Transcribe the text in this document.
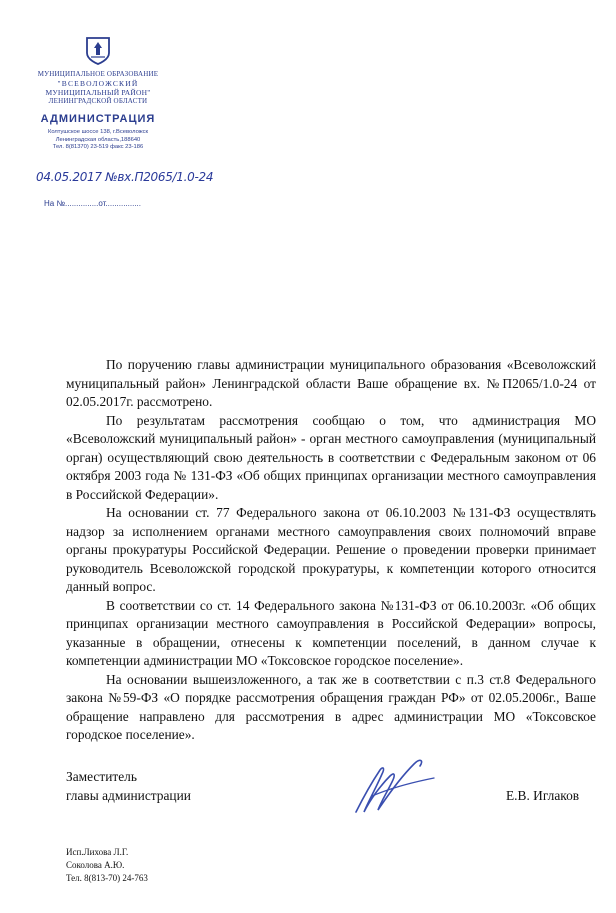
МУНИЦИПАЛЬНОЕ ОБРАЗОВАНИЕ
"ВСЕВОЛОЖСКИЙ
МУНИЦИПАЛЬНЫЙ РАЙОН"
ЛЕНИНГРАДСКОЙ ОБЛАСТИ
АДМИНИСТРАЦИЯ
Колтушское шоссе 138, г.Всеволожск
Ленинградская область,188640
Тел. 8(81370) 23-519 факс 23-186
04.05.2017 №вх.П2065/1.0-24
На №...............от................

По поручению главы администрации муниципального образования «Всеволожский муниципальный район» Ленинградской области Ваше обращение вх. №П2065/1.0-24 от 02.05.2017г. рассмотрено.

По результатам рассмотрения сообщаю о том, что администрация МО «Всеволожский муниципальный район» - орган местного самоуправления (муниципальный орган) осуществляющий свою деятельность в соответствии с Федеральным законом от 06 октября 2003 года № 131-ФЗ «Об общих принципах организации местного самоуправления в Российской Федерации».

На основании ст. 77 Федерального закона от 06.10.2003 №131-ФЗ осуществлять надзор за исполнением органами местного самоуправления своих полномочий вправе органы прокуратуры Российской Федерации. Решение о проведении проверки принимает руководитель Всеволожской городской прокуратуры, к компетенции которого относится данный вопрос.

В соответствии со ст. 14 Федерального закона №131-ФЗ от 06.10.2003г. «Об общих принципах организации местного самоуправления в Российской Федерации» вопросы, указанные в обращении, отнесены к компетенции поселений, в данном случае к компетенции администрации МО «Токсовское городское поселение».

На основании вышеизложенного, а так же в соответствии с п.3 ст.8 Федерального закона №59-ФЗ «О порядке рассмотрения обращения граждан РФ» от 02.05.2006г., Ваше обращение направлено для рассмотрения в адрес администрации МО «Токсовское городское поселение».

Заместитель
главы администрации	Е.В. Иглаков
Исп.Лихова Л.Г.
Соколова А.Ю.
Тел. 8(813-70) 24-763
